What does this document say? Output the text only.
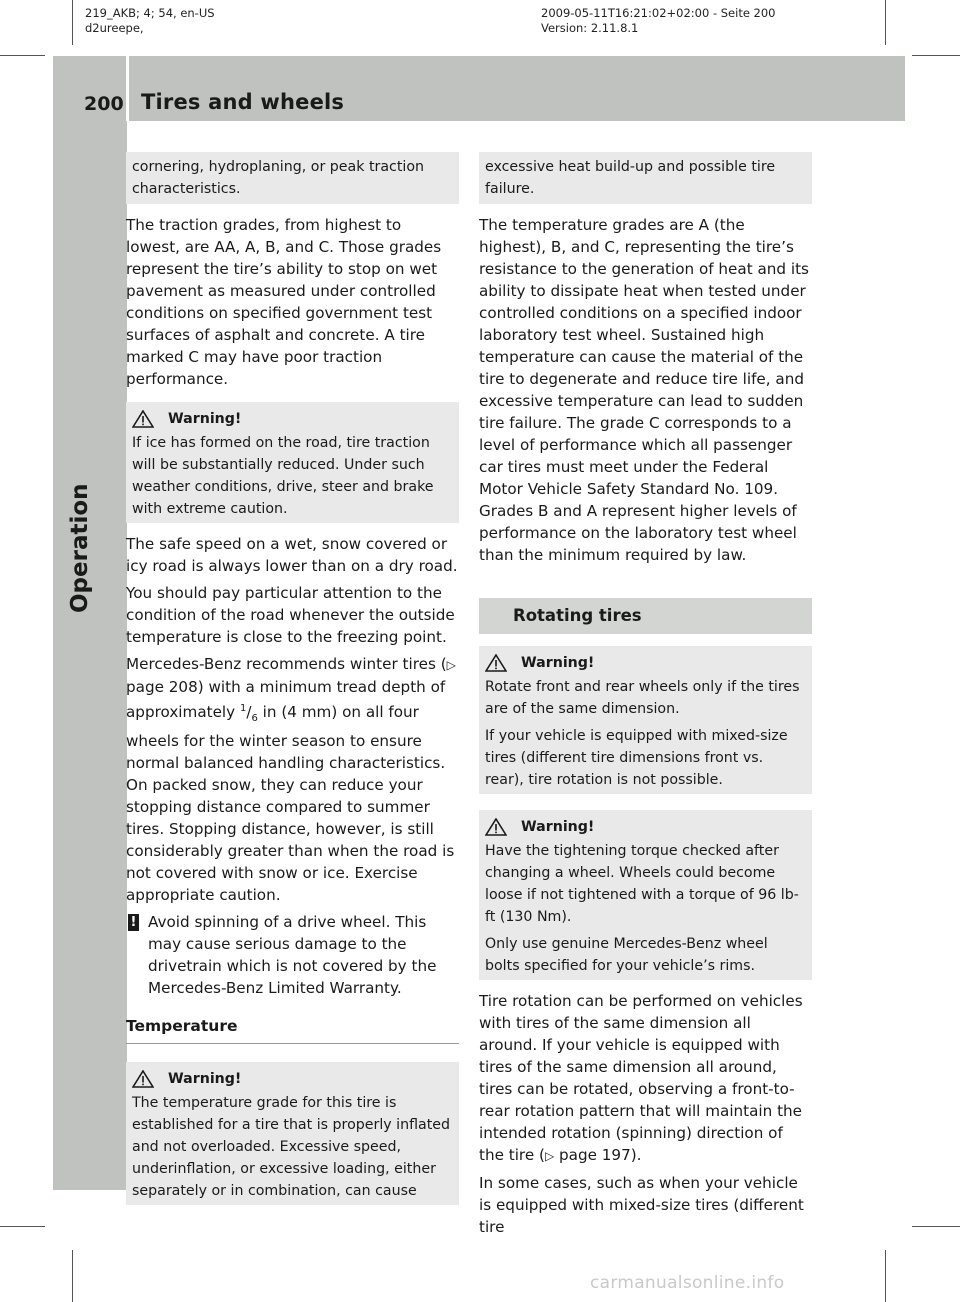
219_AKB; 4; 54, en-US
d2ureepe,
2009-05-11T16:21:02+02:00 - Seite 200
Version: 2.11.8.1
200 Tires and wheels
Operation
cornering, hydroplaning, or peak traction characteristics.

The traction grades, from highest to lowest, are AA, A, B, and C. Those grades represent the tire’s ability to stop on wet pavement as measured under controlled conditions on specified government test surfaces of asphalt and concrete. A tire marked C may have poor traction performance.

Warning!

If ice has formed on the road, tire traction will be substantially reduced. Under such weather conditions, drive, steer and brake with extreme caution.

The safe speed on a wet, snow covered or icy road is always lower than on a dry road.

You should pay particular attention to the condition of the road whenever the outside temperature is close to the freezing point.

Mercedes-Benz recommends winter tires (▷ page 208) with a minimum tread depth of approximately $^1/_6$ in (4 mm) on all four wheels for the winter season to ensure normal balanced handling characteristics. On packed snow, they can reduce your stopping distance compared to summer tires. Stopping distance, however, is still considerably greater than when the road is not covered with snow or ice. Exercise appropriate caution.

! Avoid spinning of a drive wheel. This may cause serious damage to the drivetrain which is not covered by the Mercedes-Benz Limited Warranty.
Temperature
Warning!

The temperature grade for this tire is established for a tire that is properly inflated and not overloaded. Excessive speed, underinflation, or excessive loading, either separately or in combination, can cause

excessive heat build-up and possible tire failure.

The temperature grades are A (the highest), B, and C, representing the tire’s resistance to the generation of heat and its ability to dissipate heat when tested under controlled conditions on a specified indoor laboratory test wheel. Sustained high temperature can cause the material of the tire to degenerate and reduce tire life, and excessive temperature can lead to sudden tire failure. The grade C corresponds to a level of performance which all passenger car tires must meet under the Federal Motor Vehicle Safety Standard No. 109. Grades B and A represent higher levels of performance on the laboratory test wheel than the minimum required by law.

Rotating tires
Warning!

Rotate front and rear wheels only if the tires are of the same dimension.

If your vehicle is equipped with mixed-size tires (different tire dimensions front vs. rear), tire rotation is not possible.

Warning!

Have the tightening torque checked after changing a wheel. Wheels could become loose if not tightened with a torque of 96 lb-ft (130 Nm).

Only use genuine Mercedes-Benz wheel bolts specified for your vehicle’s rims.

Tire rotation can be performed on vehicles with tires of the same dimension all around. If your vehicle is equipped with tires of the same dimension all around, tires can be rotated, observing a front-to-rear rotation pattern that will maintain the intended rotation (spinning) direction of the tire (▷ page 197).

In some cases, such as when your vehicle is equipped with mixed-size tires (different tire

carmanualsonline.info
